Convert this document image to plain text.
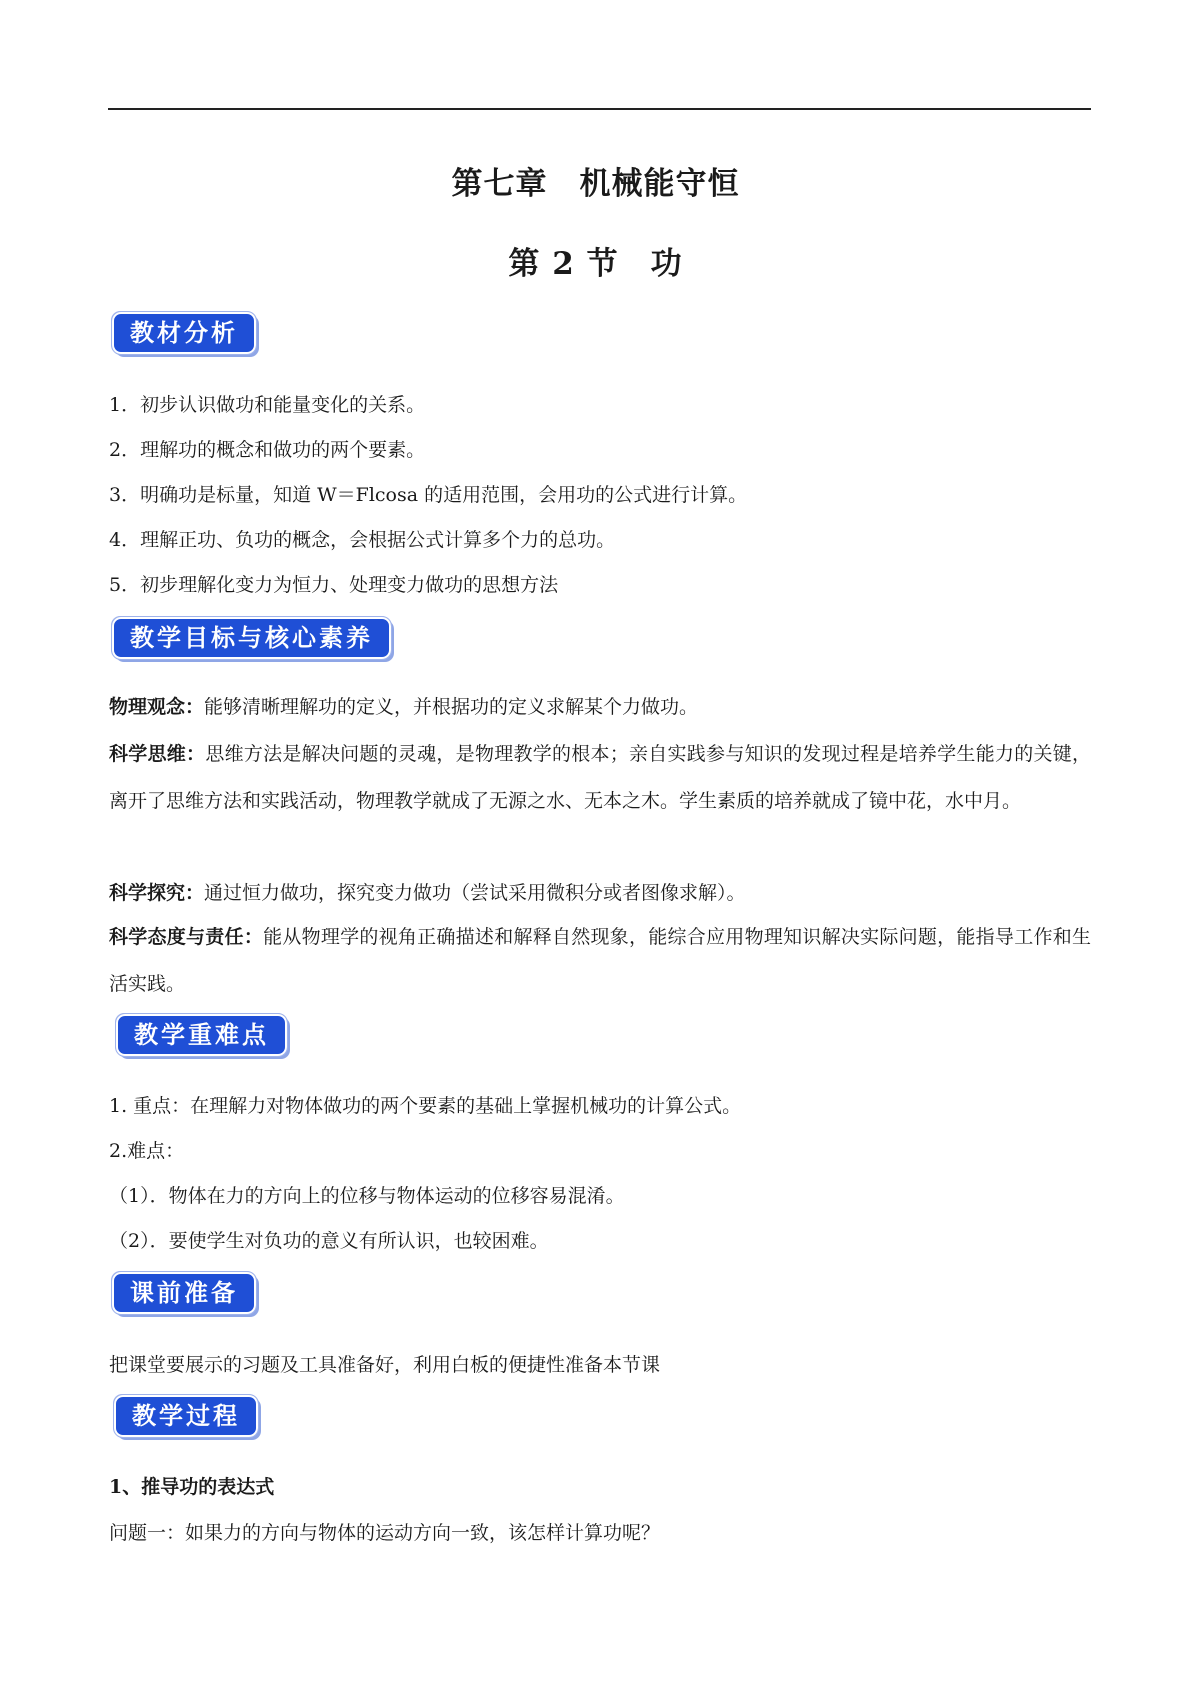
第七章　机械能守恒
第 2 节　功
教材分析
1．初步认识做功和能量变化的关系。
2．理解功的概念和做功的两个要素。
3．明确功是标量，知道 W＝Flcosa 的适用范围，会用功的公式进行计算。
4．理解正功、负功的概念，会根据公式计算多个力的总功。
5．初步理解化变力为恒力、处理变力做功的思想方法
教学目标与核心素养
物理观念：能够清晰理解功的定义，并根据功的定义求解某个力做功。
科学思维：思维方法是解决问题的灵魂，是物理教学的根本；亲自实践参与知识的发现过程是培养学生能力的关键，离开了思维方法和实践活动，物理教学就成了无源之水、无本之木。学生素质的培养就成了镜中花，水中月。
科学探究：通过恒力做功，探究变力做功（尝试采用微积分或者图像求解）。
科学态度与责任：能从物理学的视角正确描述和解释自然现象，能综合应用物理知识解决实际问题，能指导工作和生活实践。
教学重难点
1. 重点：在理解力对物体做功的两个要素的基础上掌握机械功的计算公式。
2.难点：
（1）．物体在力的方向上的位移与物体运动的位移容易混淆。
（2）．要使学生对负功的意义有所认识，也较困难。
课前准备
把课堂要展示的习题及工具准备好，利用白板的便捷性准备本节课
教学过程
1、推导功的表达式
问题一：如果力的方向与物体的运动方向一致，该怎样计算功呢？
